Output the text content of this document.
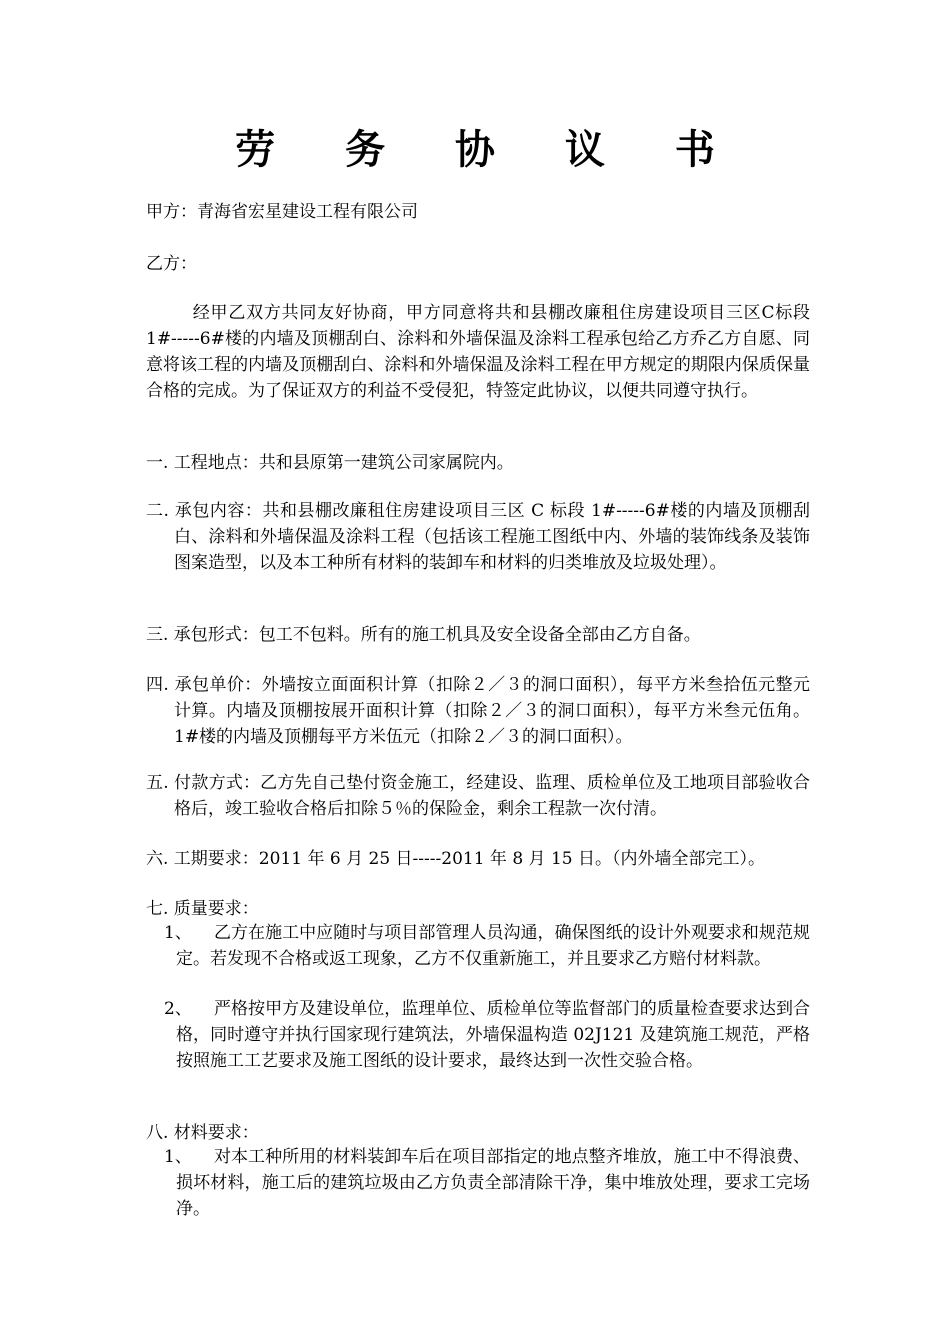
劳 务 协 议 书
甲方：青海省宏星建设工程有限公司
乙方：
经甲乙双方共同友好协商，甲方同意将共和县棚改廉租住房建设项目三区C标段1#-----6#楼的内墙及顶棚刮白、涂料和外墙保温及涂料工程承包给乙方乔乙方自愿、同意将该工程的内墙及顶棚刮白、涂料和外墙保温及涂料工程在甲方规定的期限内保质保量合格的完成。为了保证双方的利益不受侵犯，特签定此协议，以便共同遵守执行。
一. 工程地点：共和县原第一建筑公司家属院内。
二. 承包内容：共和县棚改廉租住房建设项目三区 C 标段 1#-----6#楼的内墙及顶棚刮白、涂料和外墙保温及涂料工程（包括该工程施工图纸中内、外墙的装饰线条及装饰图案造型，以及本工种所有材料的装卸车和材料的归类堆放及垃圾处理）。
三. 承包形式：包工不包料。所有的施工机具及安全设备全部由乙方自备。
四. 承包单价：外墙按立面面积计算（扣除２／３的洞口面积），每平方米叁拾伍元整元计算。内墙及顶棚按展开面积计算（扣除２／３的洞口面积），每平方米叁元伍角。1#楼的内墙及顶棚每平方米伍元（扣除２／３的洞口面积）。
五. 付款方式：乙方先自己垫付资金施工，经建设、监理、质检单位及工地项目部验收合格后，竣工验收合格后扣除５％的保险金，剩余工程款一次付清。
六. 工期要求：2011 年 6 月 25 日-----2011 年 8 月 15 日。（内外墙全部完工）。
七. 质量要求：
1、	乙方在施工中应随时与项目部管理人员沟通，确保图纸的设计外观要求和规范规定。若发现不合格或返工现象，乙方不仅重新施工，并且要求乙方赔付材料款。
2、	严格按甲方及建设单位，监理单位、质检单位等监督部门的质量检查要求达到合格，同时遵守并执行国家现行建筑法，外墙保温构造 02J121 及建筑施工规范，严格按照施工工艺要求及施工图纸的设计要求，最终达到一次性交验合格。
八. 材料要求：
1、	对本工种所用的材料装卸车后在项目部指定的地点整齐堆放，施工中不得浪费、损坏材料，施工后的建筑垃圾由乙方负责全部清除干净，集中堆放处理，要求工完场净。
